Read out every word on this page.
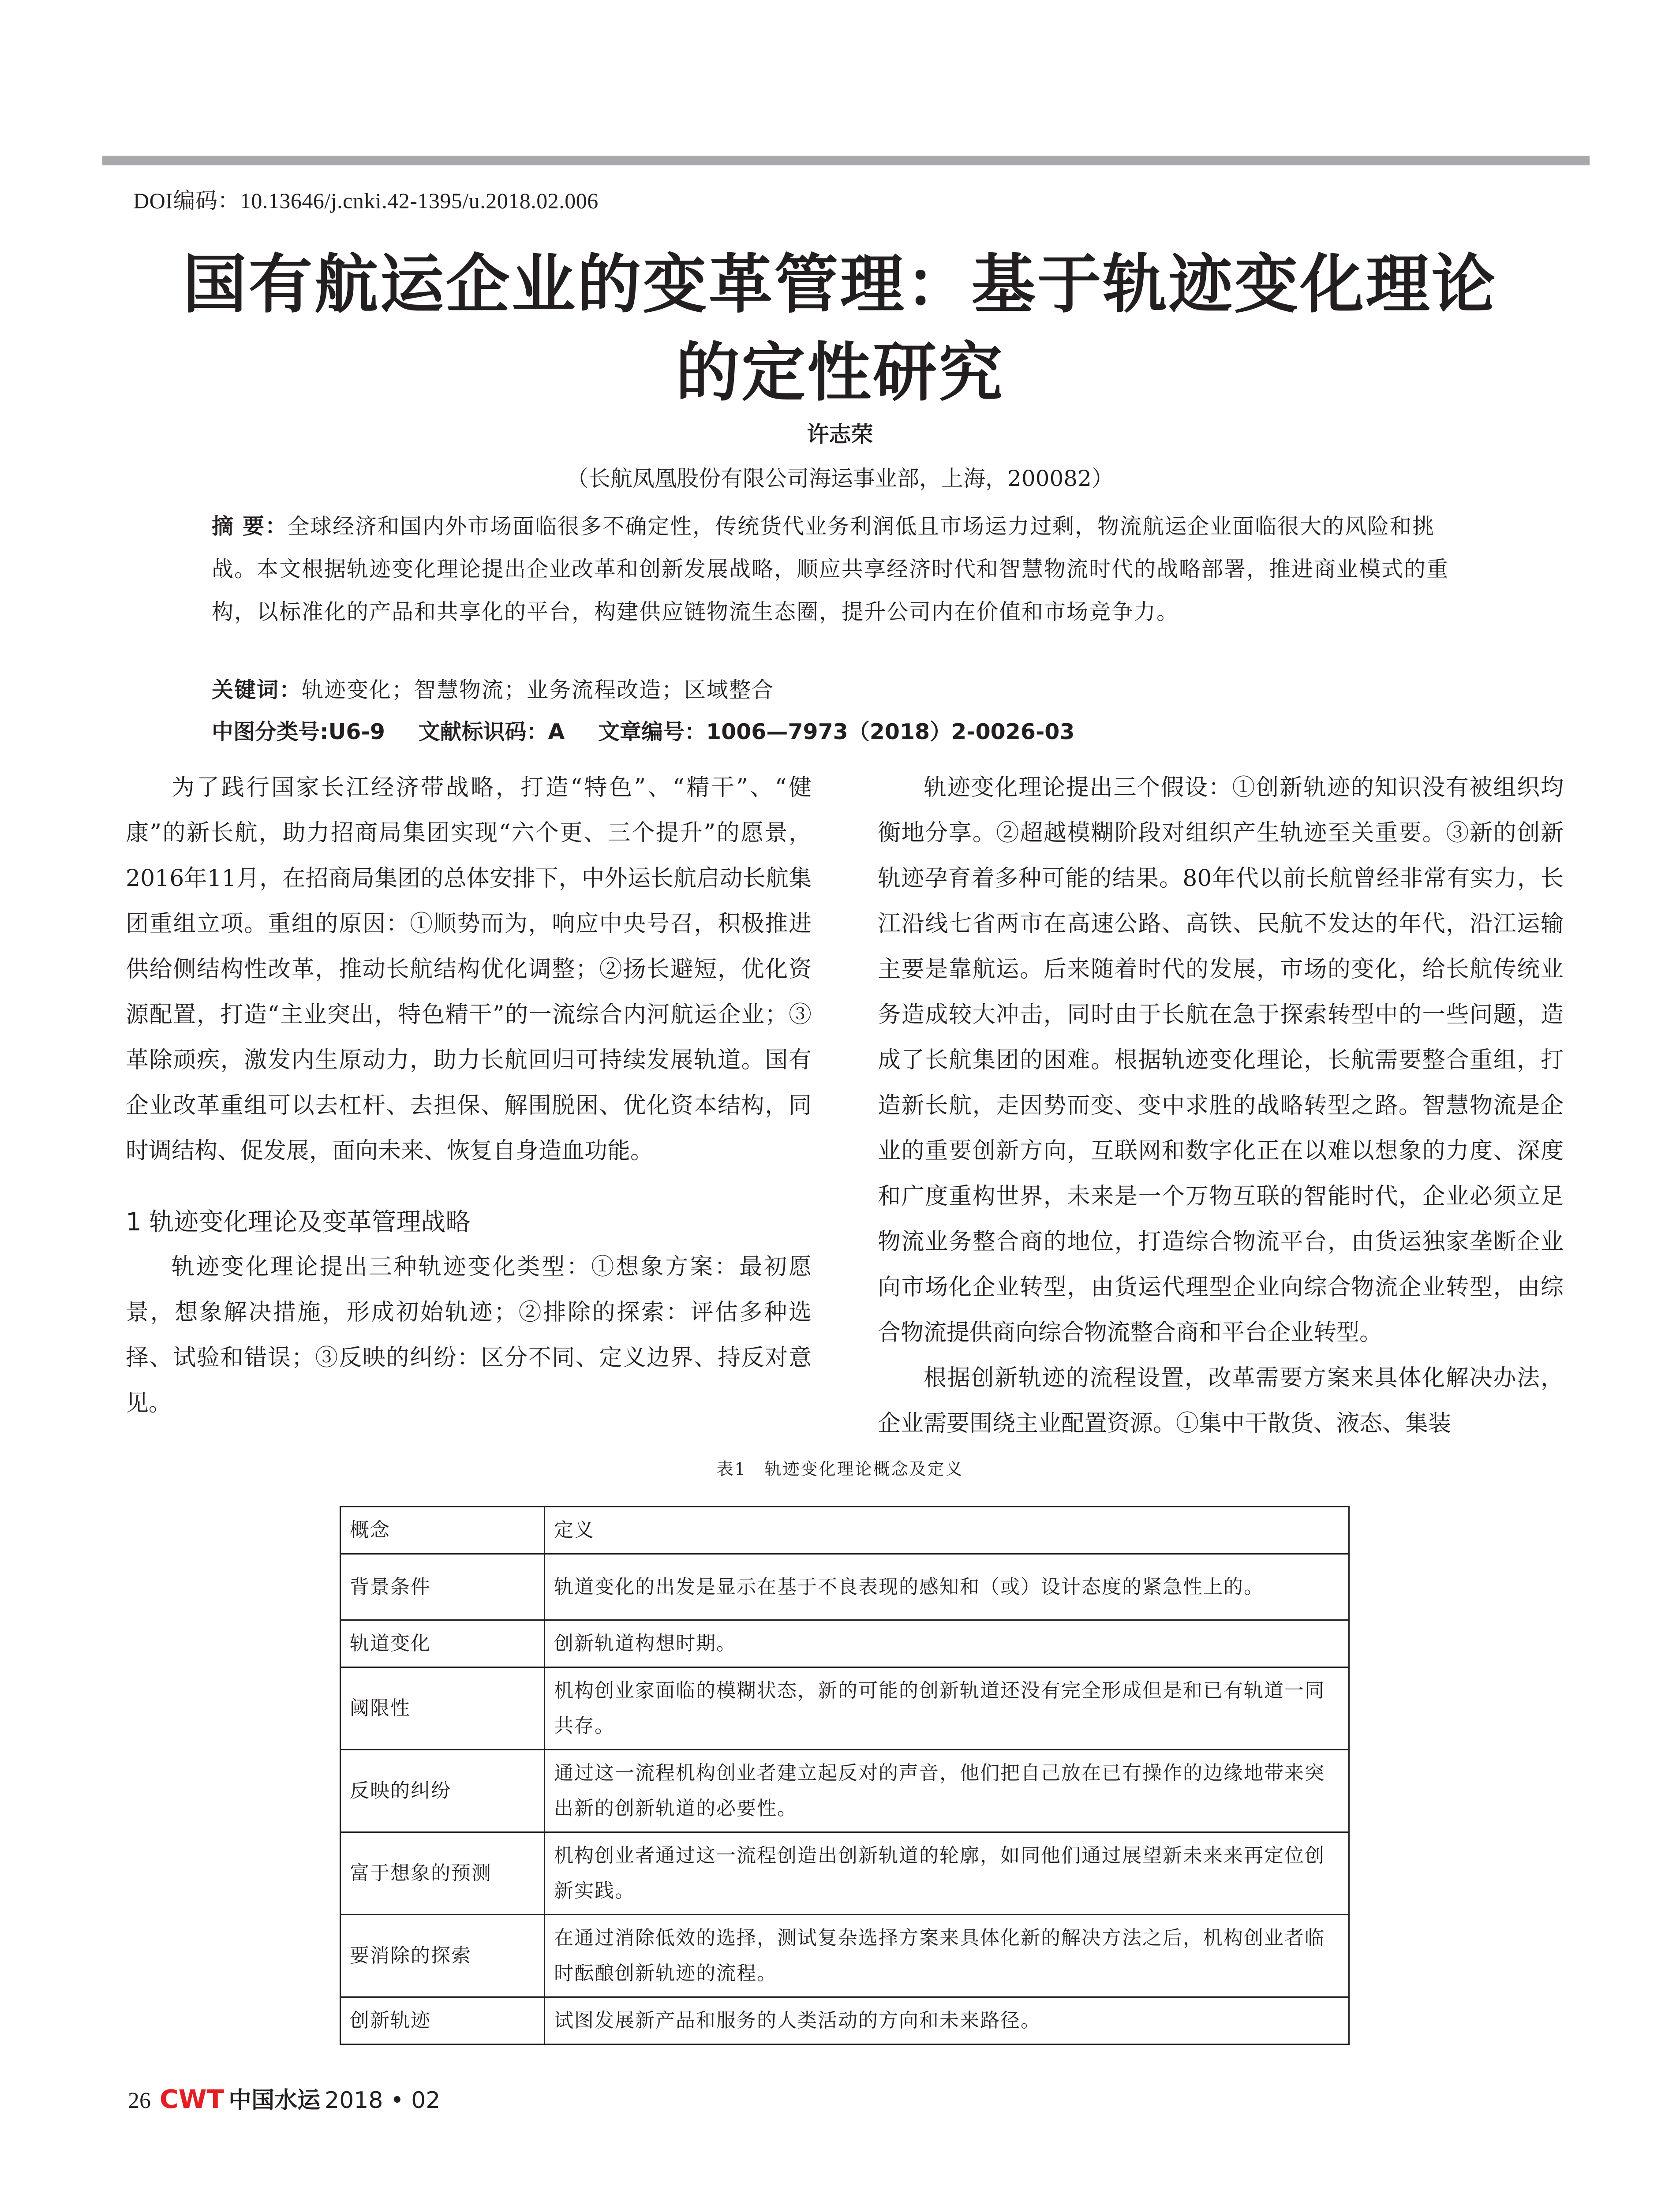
DOI编码：10.13646/j.cnki.42-1395/u.2018.02.006
国有航运企业的变革管理：基于轨迹变化理论
的定性研究
许志荣
（长航凤凰股份有限公司海运事业部，上海，200082）
摘 要：全球经济和国内外市场面临很多不确定性，传统货代业务利润低且市场运力过剩，物流航运企业面临很大的风险和挑战。本文根据轨迹变化理论提出企业改革和创新发展战略，顺应共享经济时代和智慧物流时代的战略部署，推进商业模式的重构，以标准化的产品和共享化的平台，构建供应链物流生态圈，提升公司内在价值和市场竞争力。
关键词：轨迹变化；智慧物流；业务流程改造；区域整合
中图分类号:U6-9 文献标识码：A 文章编号：1006—7973（2018）2-0026-03

为了践行国家长江经济带战略，打造“特色”、“精干”、“健康”的新长航，助力招商局集团实现“六个更、三个提升”的愿景，2016年11月，在招商局集团的总体安排下，中外运长航启动长航集团重组立项。重组的原因：①顺势而为，响应中央号召，积极推进供给侧结构性改革，推动长航结构优化调整；②扬长避短，优化资源配置，打造“主业突出，特色精干”的一流综合内河航运企业；③革除顽疾，激发内生原动力，助力长航回归可持续发展轨道。国有企业改革重组可以去杠杆、去担保、解围脱困、优化资本结构，同时调结构、促发展，面向未来、恢复自身造血功能。

1 轨迹变化理论及变革管理战略

轨迹变化理论提出三种轨迹变化类型：①想象方案：最初愿景，想象解决措施，形成初始轨迹；②排除的探索：评估多种选择、试验和错误；③反映的纠纷：区分不同、定义边界、持反对意见。

轨迹变化理论提出三个假设：①创新轨迹的知识没有被组织均衡地分享。②超越模糊阶段对组织产生轨迹至关重要。③新的创新轨迹孕育着多种可能的结果。80年代以前长航曾经非常有实力，长江沿线七省两市在高速公路、高铁、民航不发达的年代，沿江运输主要是靠航运。后来随着时代的发展，市场的变化，给长航传统业务造成较大冲击，同时由于长航在急于探索转型中的一些问题，造成了长航集团的困难。根据轨迹变化理论，长航需要整合重组，打造新长航，走因势而变、变中求胜的战略转型之路。智慧物流是企业的重要创新方向，互联网和数字化正在以难以想象的力度、深度和广度重构世界，未来是一个万物互联的智能时代，企业必须立足物流业务整合商的地位，打造综合物流平台，由货运独家垄断企业向市场化企业转型，由货运代理型企业向综合物流企业转型，由综合物流提供商向综合物流整合商和平台企业转型。

根据创新轨迹的流程设置，改革需要方案来具体化解决办法，企业需要围绕主业配置资源。①集中干散货、液态、集装

表1　轨迹变化理论概念及定义
概念	定义
背景条件	轨道变化的出发是显示在基于不良表现的感知和（或）设计态度的紧急性上的。
轨道变化	创新轨道构想时期。
阈限性	机构创业家面临的模糊状态，新的可能的创新轨道还没有完全形成但是和已有轨道一同共存。
反映的纠纷	通过这一流程机构创业者建立起反对的声音，他们把自己放在已有操作的边缘地带来突出新的创新轨道的必要性。
富于想象的预测	机构创业者通过这一流程创造出创新轨道的轮廓，如同他们通过展望新未来来再定位创新实践。
要消除的探索	在通过消除低效的选择，测试复杂选择方案来具体化新的解决方法之后，机构创业者临时酝酿创新轨迹的流程。
创新轨迹	试图发展新产品和服务的人类活动的方向和未来路径。
26 CWT 中国水运 2018 • 02
